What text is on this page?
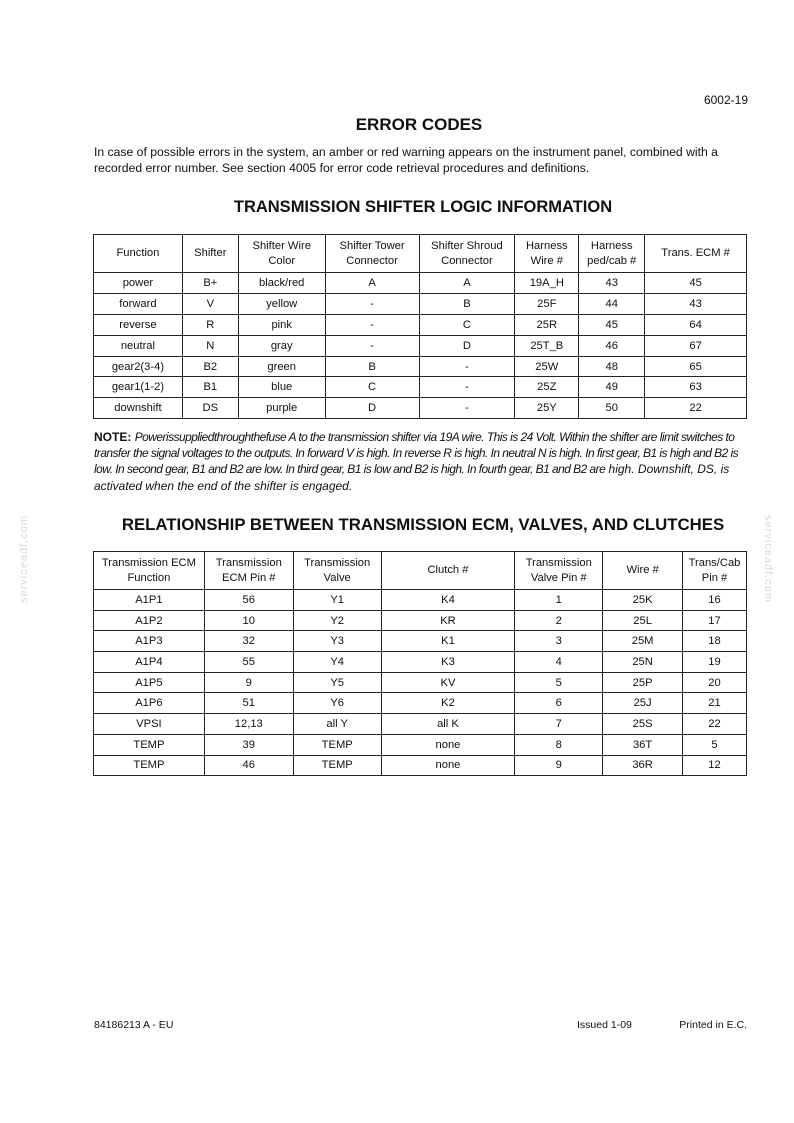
6002-19
ERROR CODES
In case of possible errors in the system, an amber or red warning appears on the instrument panel, combined with a recorded error number. See section 4005 for error code retrieval procedures and definitions.
TRANSMISSION SHIFTER LOGIC INFORMATION
Function	Shifter	Shifter Wire Color	Shifter Tower Connector	Shifter Shroud Connector	Harness Wire #	Harness ped/cab #	Trans. ECM #
power	B+	black/red	A	A	19A_H	43	45
forward	V	yellow	-	B	25F	44	43
reverse	R	pink	-	C	25R	45	64
neutral	N	gray	-	D	25T_B	46	67
gear2(3-4)	B2	green	B	-	25W	48	65
gear1(1-2)	B1	blue	C	-	25Z	49	63
downshift	DS	purple	D	-	25Y	50	22
NOTE: Powerissuppliedthroughthefuse A to the transmission shifter via 19A wire. This is 24 Volt. Within the shifter are limit switches to transfer the signal voltages to the outputs. In forward V is high. In reverse R is high. In neutral N is high. In first gear, B1 is high and B2 is low. In second gear, B1 and B2 are low. In third gear, B1 is low and B2 is high. In fourth gear, B1 and B2 are high. Downshift, DS, is activated when the end of the shifter is engaged.
RELATIONSHIP BETWEEN TRANSMISSION ECM, VALVES, AND CLUTCHES
Transmission ECM Function	Transmission ECM Pin #	Transmission Valve	Clutch #	Transmission Valve Pin #	Wire #	Trans/Cab Pin #
A1P1	56	Y1	K4	1	25K	16
A1P2	10	Y2	KR	2	25L	17
A1P3	32	Y3	K1	3	25M	18
A1P4	55	Y4	K3	4	25N	19
A1P5	9	Y5	KV	5	25P	20
A1P6	51	Y6	K2	6	25J	21
VPSI	12,13	all Y	all K	7	25S	22
TEMP	39	TEMP	none	8	36T	5
TEMP	46	TEMP	none	9	36R	12
serviceadf.com	serviceadf.com
84186213 A - EU	Issued 1-09	Printed in E.C.
